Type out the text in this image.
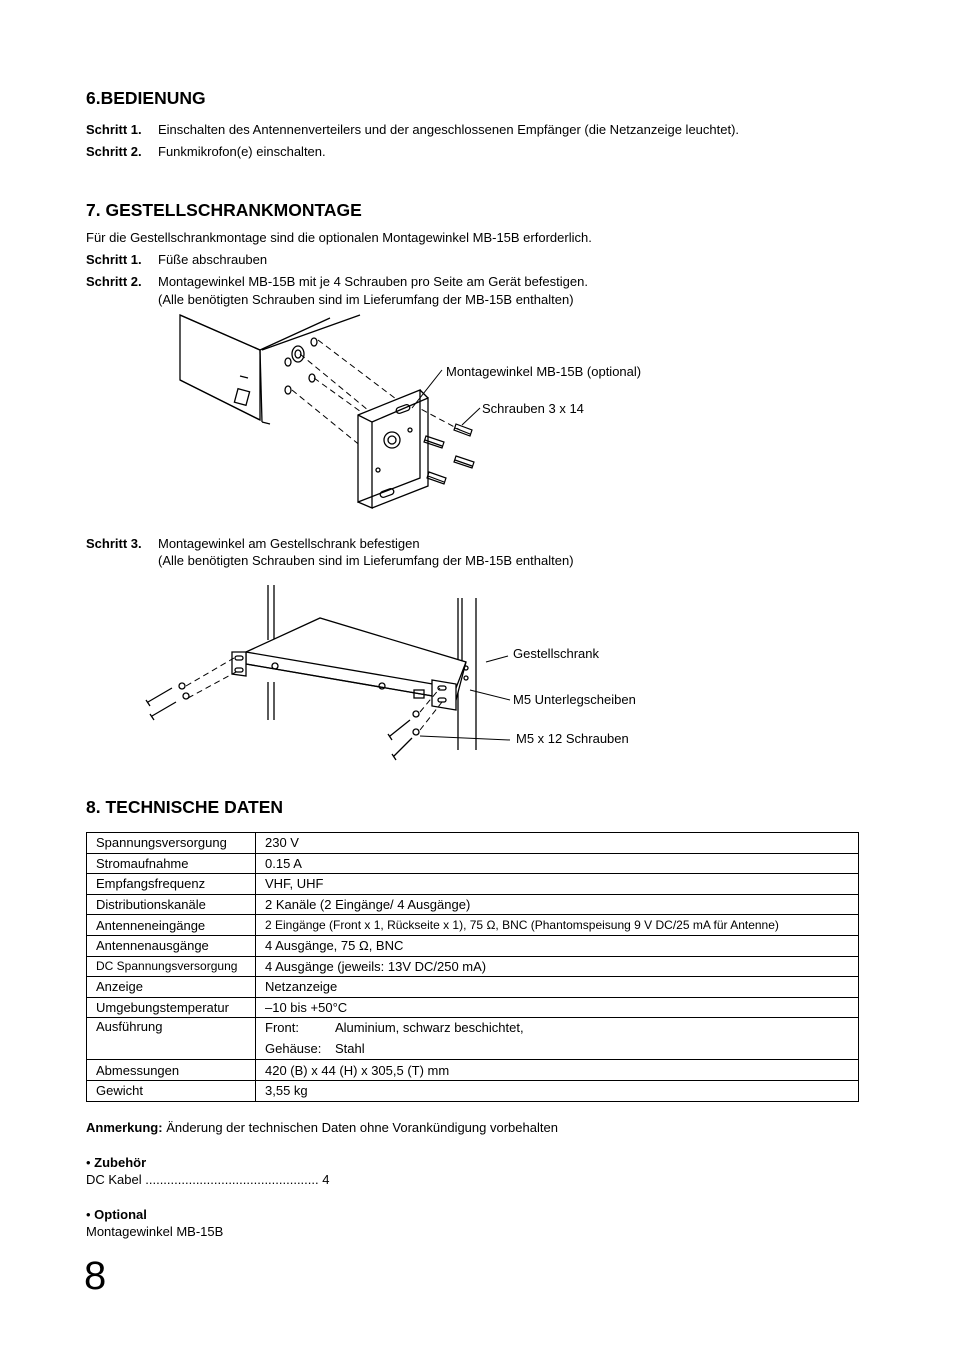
6.BEDIENUNG
Schritt 1. Einschalten des Antennenverteilers und der angeschlossenen Empfänger (die Netzanzeige leuchtet).
Schritt 2. Funkmikrofon(e) einschalten.
7. GESTELLSCHRANKMONTAGE
Für die Gestellschrankmontage sind die optionalen Montagewinkel MB-15B erforderlich.
Schritt 1. Füße abschrauben
Schritt 2. Montagewinkel MB-15B mit je 4 Schrauben pro Seite am Gerät befestigen.
(Alle benötigten Schrauben sind im Lieferumfang der MB-15B enthalten)
Montagewinkel MB-15B (optional)
Schrauben 3 x 14
Schritt 3. Montagewinkel am Gestellschrank befestigen
(Alle benötigten Schrauben sind im Lieferumfang der MB-15B enthalten)
Gestellschrank
M5 Unterlegscheiben
M5 x 12 Schrauben
8. TECHNISCHE DATEN
Spannungsversorgung	230 V
Stromaufnahme	0.15 A
Empfangsfrequenz	VHF, UHF
Distributionskanäle	2 Kanäle (2 Eingänge/ 4 Ausgänge)
Antenneneingänge	2 Eingänge (Front x 1, Rückseite x 1), 75 Ω, BNC (Phantomspeisung 9 V DC/25 mA für Antenne)
Antennenausgänge	4 Ausgänge, 75 Ω, BNC
DC Spannungsversorgung	4 Ausgänge (jeweils: 13V DC/250 mA)
Anzeige	Netzanzeige
Umgebungstemperatur	–10 bis +50°C
Ausführung	Front: Aluminium, schwarz beschichtet,
Gehäuse: Stahl

Abmessungen	420 (B) x 44 (H) x 305,5 (T) mm
Gewicht	3,55 kg
Anmerkung: Änderung der technischen Daten ohne Vorankündigung vorbehalten
• Zubehör
DC Kabel ................................................ 4
• Optional
Montagewinkel MB-15B
8
